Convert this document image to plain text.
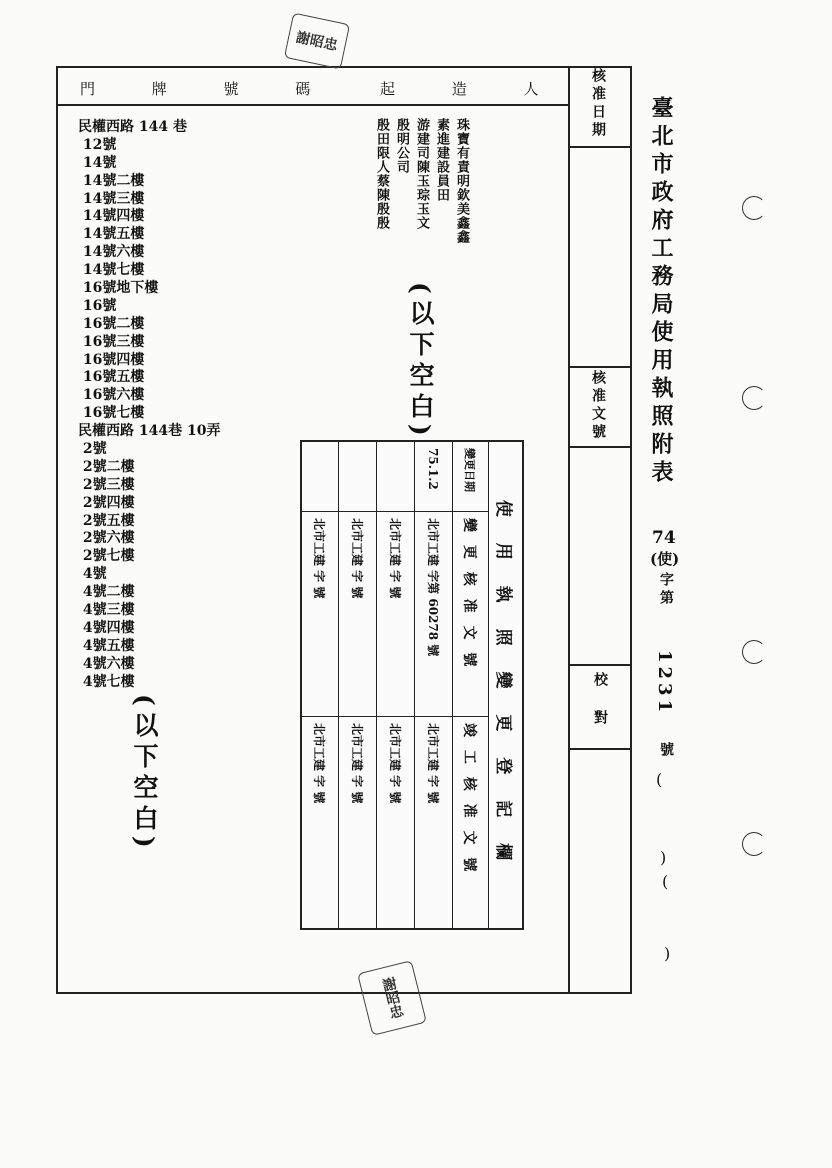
門 牌 號 碼	起 造 人
民權西路 144 巷
12號
14號
14號二樓
14號三樓
14號四樓
14號五樓
14號六樓
14號七樓
16號地下樓
16號
16號二樓
16號三樓
16號四樓
16號五樓
16號六樓
16號七樓
民權西路 144巷 10弄
2號
2號二樓
2號三樓
2號四樓
2號五樓
2號六樓
2號七樓
4號
4號二樓
4號三樓
4號四樓
4號五樓
4號六樓
4號七樓
珠寶有責明欽美鑫鑫
素進建設員田
游建司陳玉琮玉文
殷明公司
殷田限人蔡陳殷殷
(以下空白)
(以下空白)
核准日期
核准文號
校對
臺北市政府工務局使用執照附表
74
(使)
字第
1231
號
(
)
(
)
使 用 執 照 變 更 登 記 欄
變更日期
變 更 核 准 文 號
竣 工 核 准 文 號
75.1.2
北市工建 字第 60278 號
北市工建 字 號
北市工建 字 號
北市工建 字 號
北市工建 字 號
北市工建 字 號
北市工建 字 號
北市工建 字 號
謝昭忠
謝昭忠
